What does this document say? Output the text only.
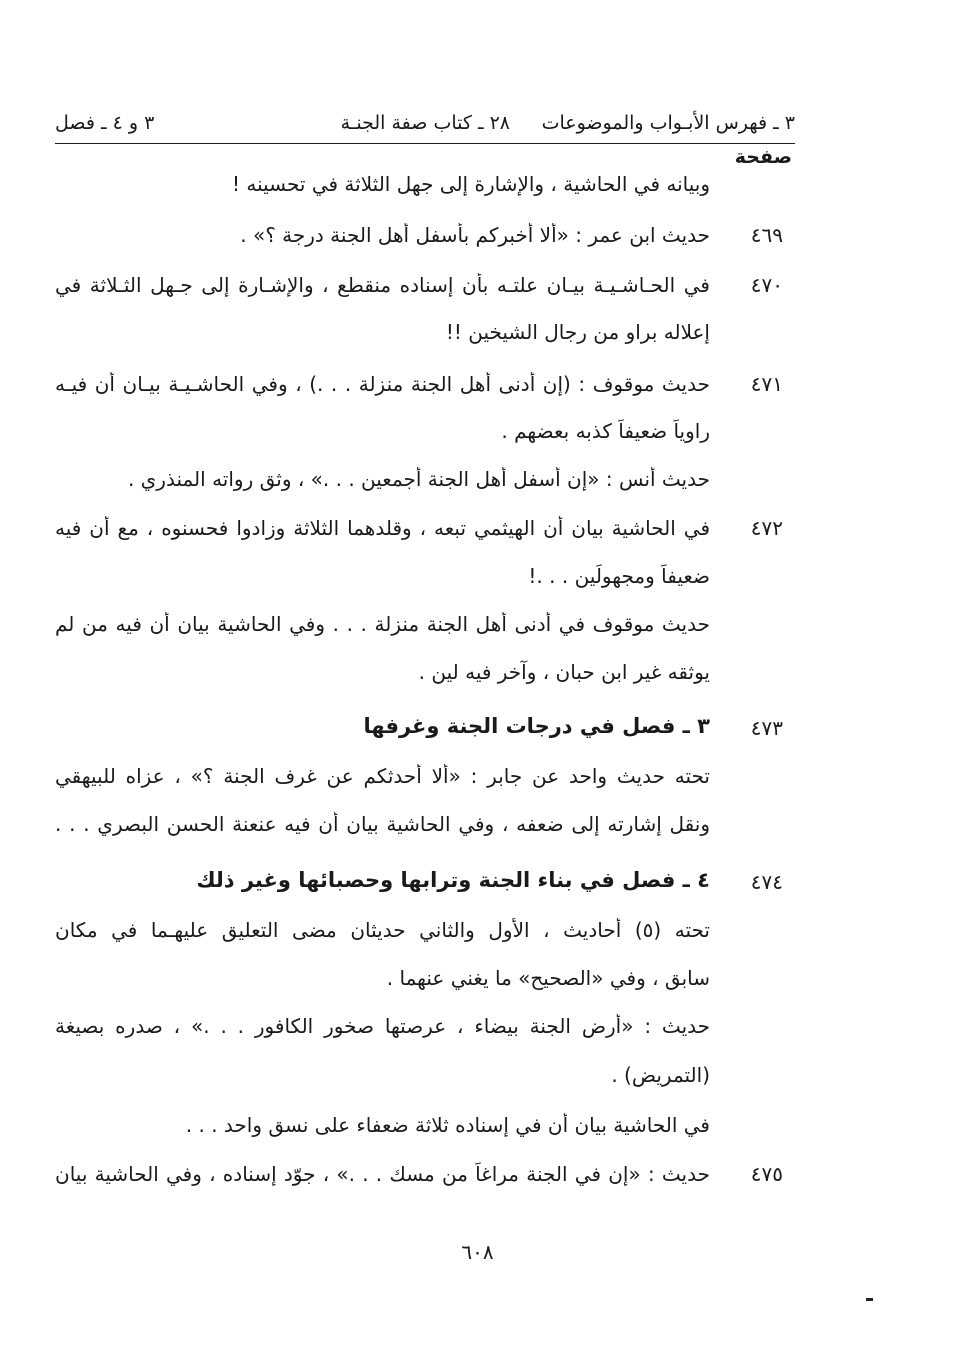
٣ ـ فهرس الأبـواب والموضوعات
٢٨ ـ كتاب صفة الجنـة
٣ و ٤ ـ فصل
صفحة
وبيانه في الحاشية ، والإشارة إلى جهل الثلاثة في تحسينه !
٤٦٩
حديث ابن عمر : «ألا أخبركم بأسفل أهل الجنة درجة ؟» .
٤٧٠
في الحـاشـيـة بيـان علتـه بأن إسناده منقطع ، والإشـارة إلى جـهل الثـلاثة في
إعلاله براوٍ من رجال الشيخين !!
٤٧١
حديث موقوف : (إن أدنى أهل الجنة منزلة . . .) ، وفي الحاشـيـة بيـان أن فيـه
راوياً ضعيفاً كذبه بعضهم .
حديث أنس : «إن أسفل أهل الجنة أجمعين . . .» ، وثق رواته المنذري .
٤٧٢
في الحاشية بيان أن الهيثمي تبعه ، وقلدهما الثلاثة وزادوا فحسنوه ، مع أن فيه
ضعيفاً ومجهولَين . . .!
حديث موقوف في أدنى أهل الجنة منزلة . . . وفي الحاشية بيان أن فيه من لم
يوثقه غير ابن حبان ، وآخر فيه لين .
٤٧٣
٣ ـ فصل في درجات الجنة وغرفها
تحته حديث واحد عن جابر : «ألا أحدثكم عن غرف الجنة ؟» ، عزاه للبيهقي
ونقل إشارته إلى ضعفه ، وفي الحاشية بيان أن فيه عنعنة الحسن البصري . . .
٤٧٤
٤ ـ فصل في بناء الجنة وترابها وحصبائها وغير ذلك
تحته (٥) أحاديث ، الأول والثاني حديثان مضى التعليق عليهـما في مكان
سابق ، وفي «الصحيح» ما يغني عنهما .
حديث : «أرض الجنة بيضاء ، عرصتها صخور الكافور . . .» ، صدره بصيغة
(التمريض) .
في الحاشية بيان أن في إسناده ثلاثة ضعفاء على نسق واحد . . .
٤٧٥
حديث : «إن في الجنة مراغاً من مسك . . .» ، جوّد إسناده ، وفي الحاشية بيان
٦٠٨
